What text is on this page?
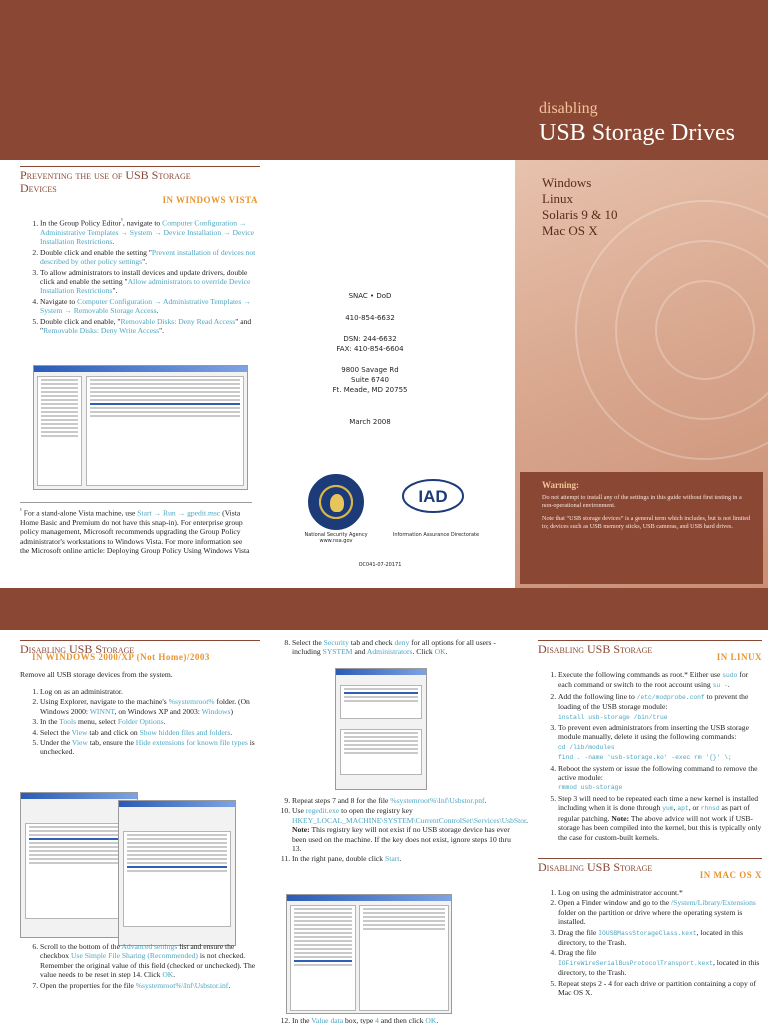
disabling
USB Storage Drives
Windows
Linux
Solaris 9 & 10
Mac OS X
Warning:

Do not attempt to install any of the settings in this guide without first testing in a non-operational environment.

Note that “USB storage devices” is a general term which includes, but is not limited to; devices such as USB memory sticks, USB cameras, and USB hard drives.

Preventing the use of USB Storage
Devices
IN WINDOWS VISTA
1. In the Group Policy Editor$^{^1}$, navigate to Computer Configuration → Administrative Templates → System → Device Installation → Device Installation Restrictions.
2. Double click and enable the setting "Prevent installation of devices not described by other policy settings".
3. To allow administrators to install devices and update drivers, double click and enable the setting "Allow administrators to override Device Installation Restrictions".
4. Navigate to Computer Configuration → Administrative Templates → System → Removable Storage Access.
5. Double click and enable, "Removable Disks: Deny Read Access" and "Removable Disks: Deny Write Access".
$^{^1}$ For a stand-alone Vista machine, use Start → Run → gpedit.msc (Vista Home Basic and Premium do not have this snap-in). For enterprise group policy management, Microsoft recommends upgrading the Group Policy administrator's workstations to Windows Vista. For more information see the Microsoft online article: Deploying Group Policy Using Windows Vista
SNAC • DoD
410-854-6632
DSN: 244-6632
FAX: 410-854-6604
9800 Savage Rd
Suite 6740
Ft. Meade, MD 20755
March 2008
IAD
National Security Agency
www.nsa.gov
Information Assurance Directorate
OC041-07-20171
Disabling USB Storage
IN WINDOWS 2000/XP (Not Home)/2003
Remove all USB storage devices from the system.
1. Log on as an administrator.
2. Using Explorer, navigate to the machine's %systemroot% folder. (On Windows 2000: WINNT, on Windows XP and 2003: Windows)
3. In the Tools menu, select Folder Options.
4. Select the View tab and click on Show hidden files and folders.
5. Under the View tab, ensure the Hide extensions for known file types is unchecked.
6. Scroll to the bottom of the Advanced settings list and ensure the checkbox Use Simple File Sharing (Recommended) is not checked. Remember the original value of this field (checked or unchecked). The value needs to be reset in step 14. Click OK.
7. Open the properties for the file %systemroot%\Inf\Usbstor.inf.
8. Select the Security tab and check deny for all options for all users - including SYSTEM and Administrators. Click OK.
9. Repeat steps 7 and 8 for the file %systemroot%\Inf\Usbstor.pnf.
10. Use regedit.exe to open the registry key HKEY_LOCAL_MACHINE\SYSTEM\CurrentControlSet\Services\UsbStor. Note: This registry key will not exist if no USB storage device has ever been used on the machine. If the key does not exist, ignore steps 10 thru 13.
11. In the right pane, double click Start.
12. In the Value data box, type 4 and then click OK.
Disabling USB Storage
IN LINUX
1. Execute the following commands as root.* Either use sudo for each command or switch to the root account using su -.
2. Add the following line to /etc/modprobe.conf to prevent the loading of the USB storage module:
install usb-storage /bin/true
3. To prevent even administrators from inserting the USB storage module manually, delete it using the following commands:
cd /lib/modules
find . -name 'usb-storage.ko' -exec rm '{}' \;
4. Reboot the system or issue the following command to remove the active module:
rmmod usb-storage
5. Step 3 will need to be repeated each time a new kernel is installed including when it is done through yum, apt, or rhnsd as part of regular patching. Note: The above advice will not work if USB-storage has been compiled into the kernel, but this is typically only the case for custom-built kernels.
Disabling USB Storage
IN MAC OS X
1. Log on using the administrator account.*
2. Open a Finder window and go to the /System/Library/Extensions folder on the partition or drive where the operating system is installed.
3. Drag the file IOUSBMassStorageClass.kext, located in this directory, to the Trash.
4. Drag the file
IOFireWireSerialBusProtocolTransport.kext, located in this directory, to the Trash.
5. Repeat steps 2 - 4 for each drive or partition containing a copy of Mac OS X.
